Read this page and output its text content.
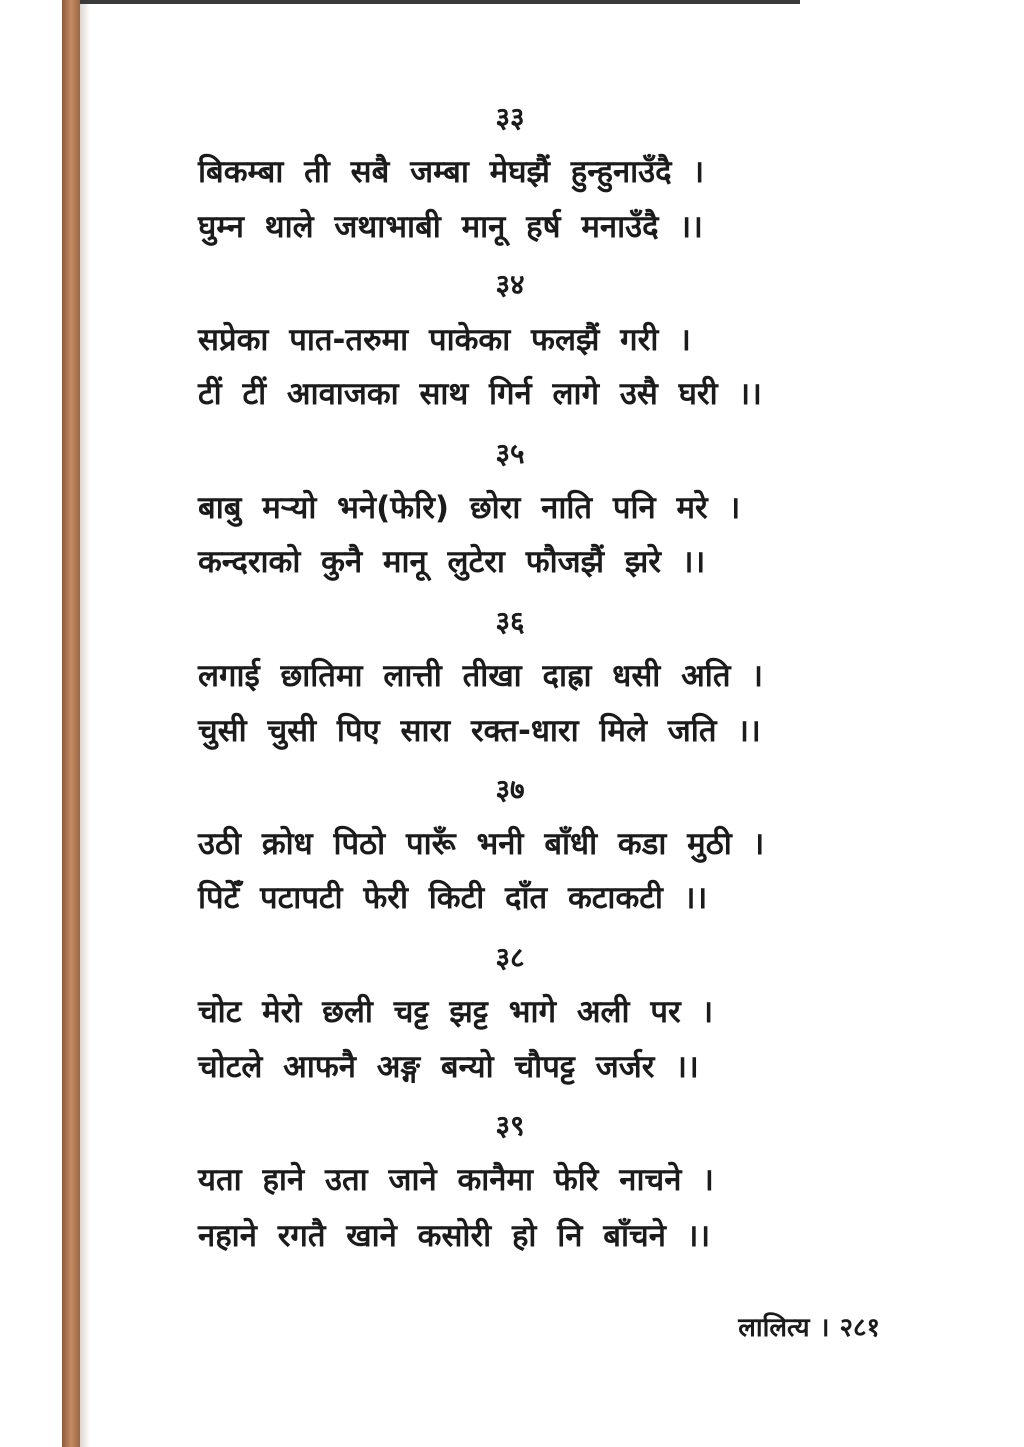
३३
बिकम्बा ती सबै जम्बा मेघझैं हुन्हुनाउँदै ।
घुम्न थाले जथाभाबी मानू हर्ष मनाउँदै ।।
३४
सप्रेका पात-तरुमा पाकेका फलझैं गरी ।
टीं टीं आवाजका साथ गिर्न लागे उसै घरी ।।
३५
बाबु मऱ्यो भने(फेरि) छोरा नाति पनि मरे ।
कन्दराको कुनै मानू लुटेरा फौजझैं झरे ।।
३६
लगाई छातिमा लात्ती तीखा दाह्रा धसी अति ।
चुसी चुसी पिए सारा रक्त-धारा मिले जति ।।
३७
उठी क्रोध पिठो पारूँ भनी बाँधी कडा मुठी ।
पिटेँ पटापटी फेरी किटी दाँत कटाकटी ।।
३८
चोट मेरो छली चट्ट झट्ट भागे अली पर ।
चोटले आफनै अङ्ग बन्यो चौपट्ट जर्जर ।।
३९
यता हाने उता जाने कानैमा फेरि नाचने ।
नहाने रगतै खाने कसोरी हो नि बाँचने ।।
लालित्य । २८१
